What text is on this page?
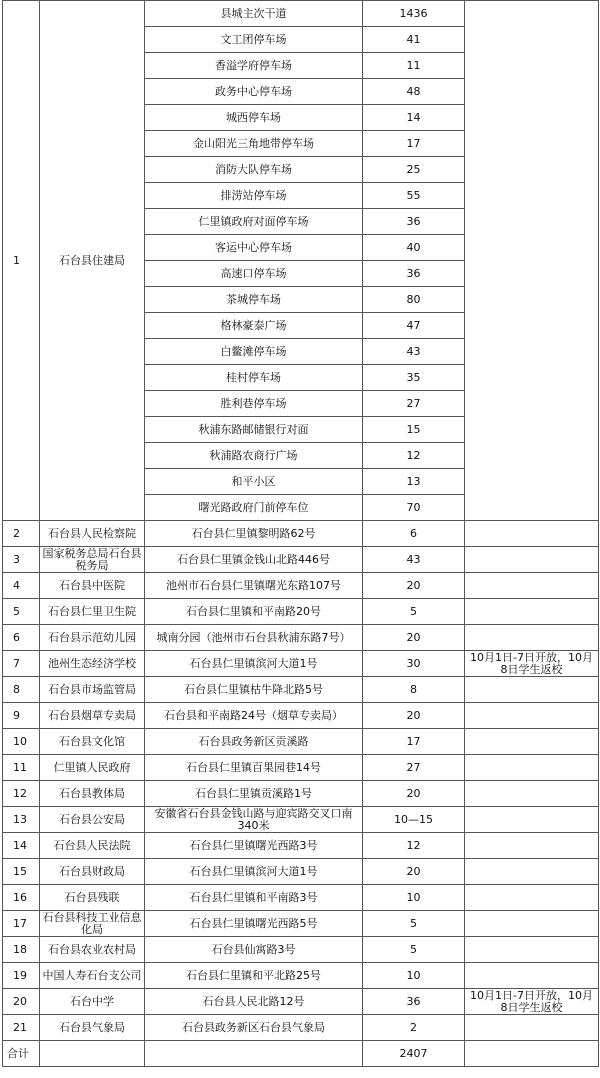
1	石台县住建局	县城主次干道	1436	
		文工团停车场	41	
		香溢学府停车场	11	
		政务中心停车场	48	
		城西停车场	14	
		金山阳光三角地带停车场	17	
		消防大队停车场	25	
		排涝站停车场	55	
		仁里镇政府对面停车场	36	
		客运中心停车场	40	
		高速口停车场	36	
		茶城停车场	80	
		格林豪泰广场	47	
		白鳖滩停车场	43	
		桂村停车场	35	
		胜利巷停车场	27	
		秋浦东路邮储银行对面	15	
		秋浦路农商行广场	12	
		和平小区	13	
		曙光路政府门前停车位	70	
2	石台县人民检察院	石台县仁里镇黎明路62号	6	
3	国家税务总局石台县税务局	石台县仁里镇金钱山北路446号	43	
4	石台县中医院	池州市石台县仁里镇曙光东路107号	20	
5	石台县仁里卫生院	石台县仁里镇和平南路20号	5	
6	石台县示范幼儿园	城南分园（池州市石台县秋浦东路7号）	20	
7	池州生态经济学校	石台县仁里镇滨河大道1号	30	10月1日-7日开放，10月8日学生返校
8	石台县市场监管局	石台县仁里镇枯牛降北路5号	8	
9	石台县烟草专卖局	石台县和平南路24号（烟草专卖局）	20	
10	石台县文化馆	石台县政务新区贡溪路	17	
11	仁里镇人民政府	石台县仁里镇百果园巷14号	27	
12	石台县教体局	石台县仁里镇贡溪路1号	20	
13	石台县公安局	安徽省石台县金钱山路与迎宾路交叉口南340米	10—15	
14	石台县人民法院	石台县仁里镇曙光西路3号	12	
15	石台县财政局	石台县仁里镇滨河大道1号	20	
16	石台县残联	石台县仁里镇和平南路3号	10	
17	石台县科技工业信息化局	石台县仁里镇曙光西路5号	5	
18	石台县农业农村局	石台县仙寓路3号	5	
19	中国人寿石台支公司	石台县仁里镇和平北路25号	10	
20	石台中学	石台县人民北路12号	36	10月1日-7日开放，10月8日学生返校
21	石台县气象局	石台县政务新区石台县气象局	2	
合计			2407	
